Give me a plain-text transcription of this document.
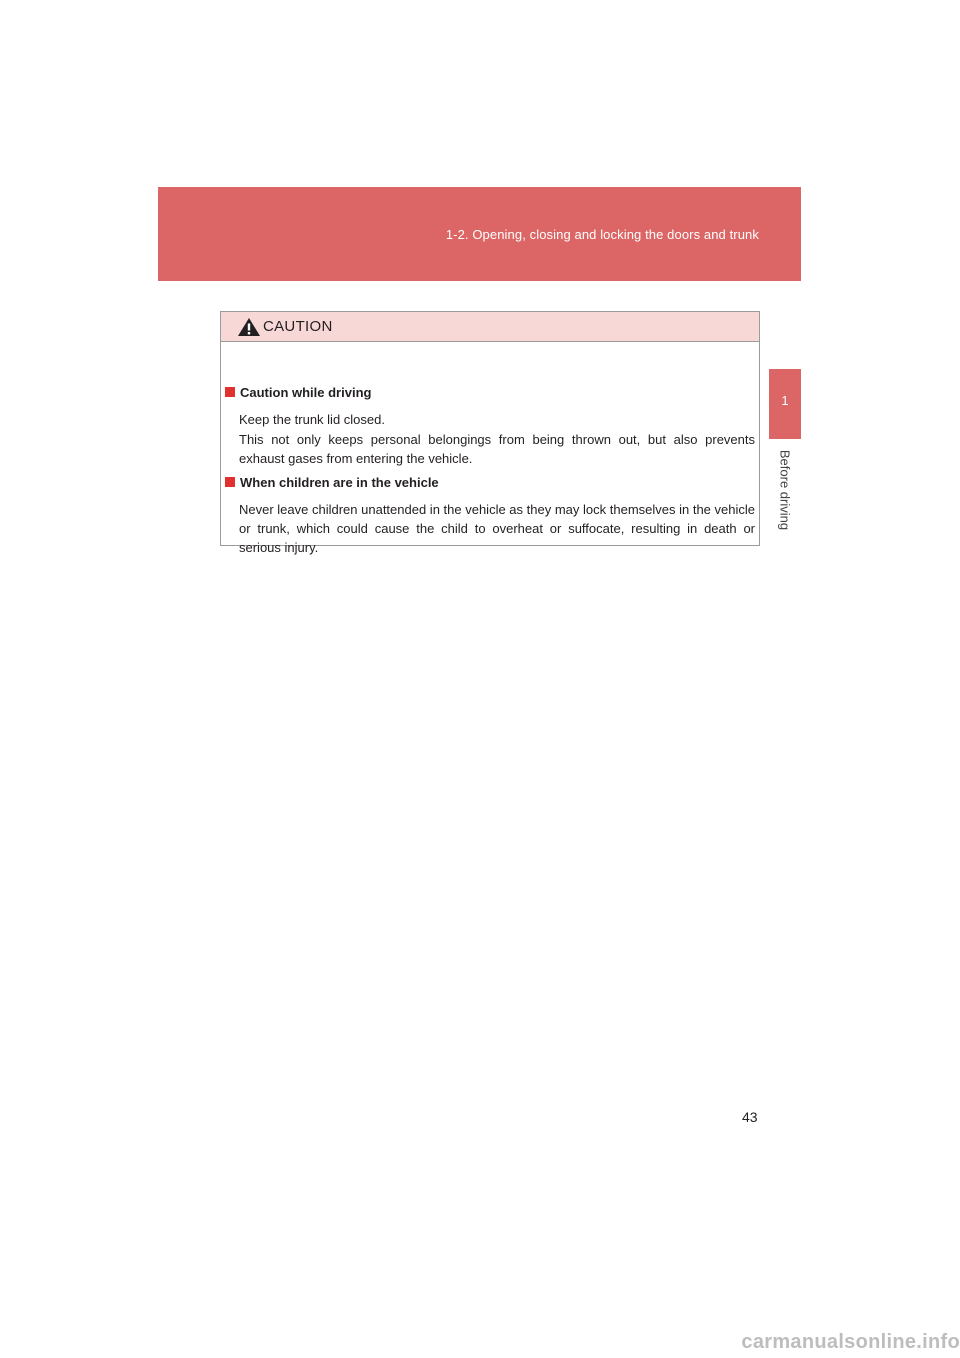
1-2. Opening, closing and locking the doors and trunk
1
Before driving
CAUTION
Caution while driving
Keep the trunk lid closed.
This not only keeps personal belongings from being thrown out, but also prevents exhaust gases from entering the vehicle.
When children are in the vehicle
Never leave children unattended in the vehicle as they may lock themselves in the vehicle or trunk, which could cause the child to overheat or suffocate, resulting in death or serious injury.
43
carmanualsonline.info
